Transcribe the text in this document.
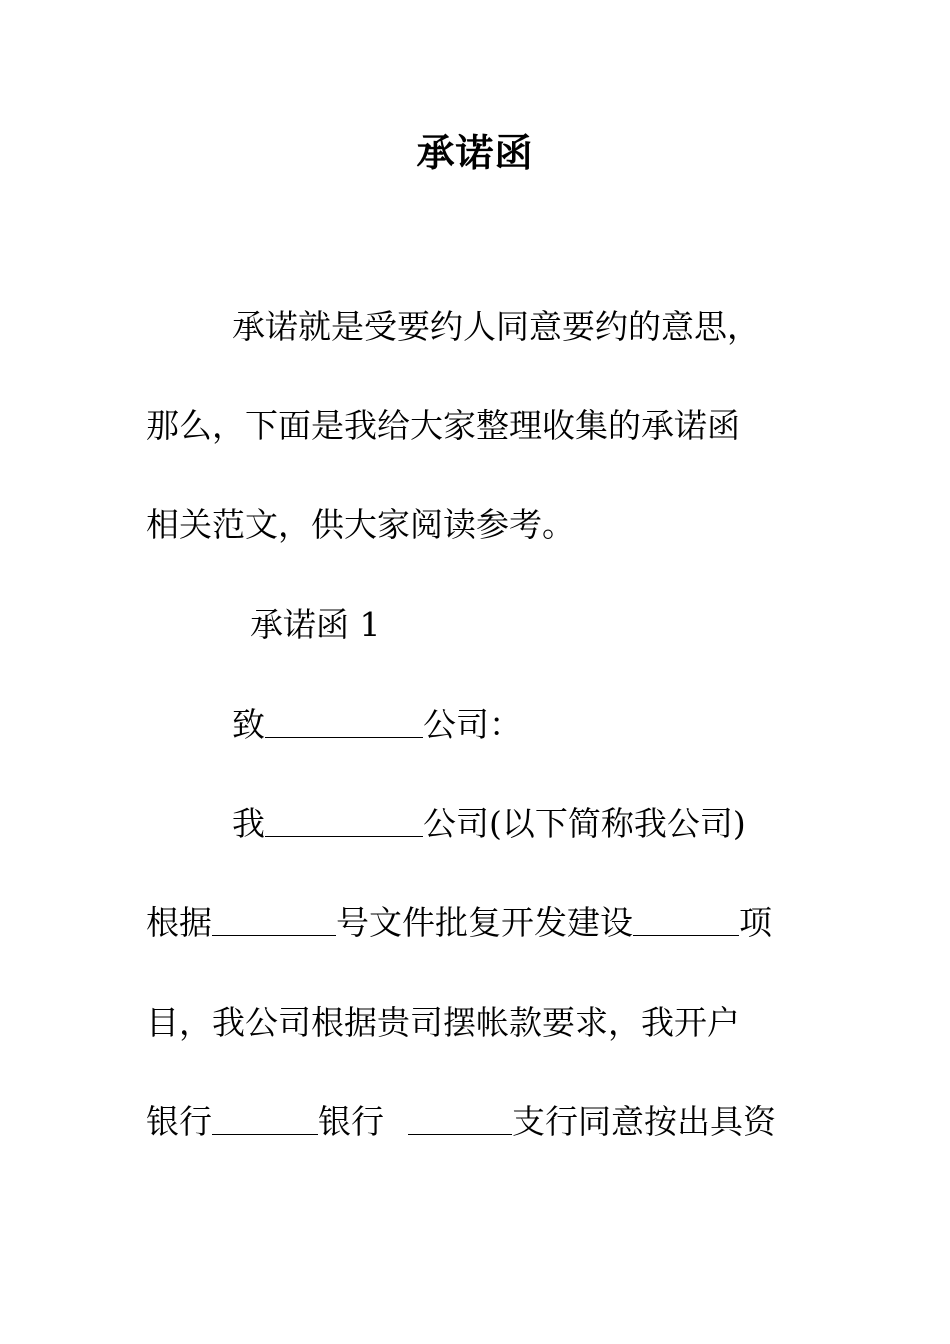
承诺函
承诺就是受要约人同意要约的意思，
那么，下面是我给大家整理收集的承诺函
相关范文，供大家阅读参考。
承诺函 1
致	公司：
我	公司(以下简称我公司)
根据	号文件批复开发建设	项
目，我公司根据贵司摆帐款要求，我开户
银行	银行	支行同意按出具资
